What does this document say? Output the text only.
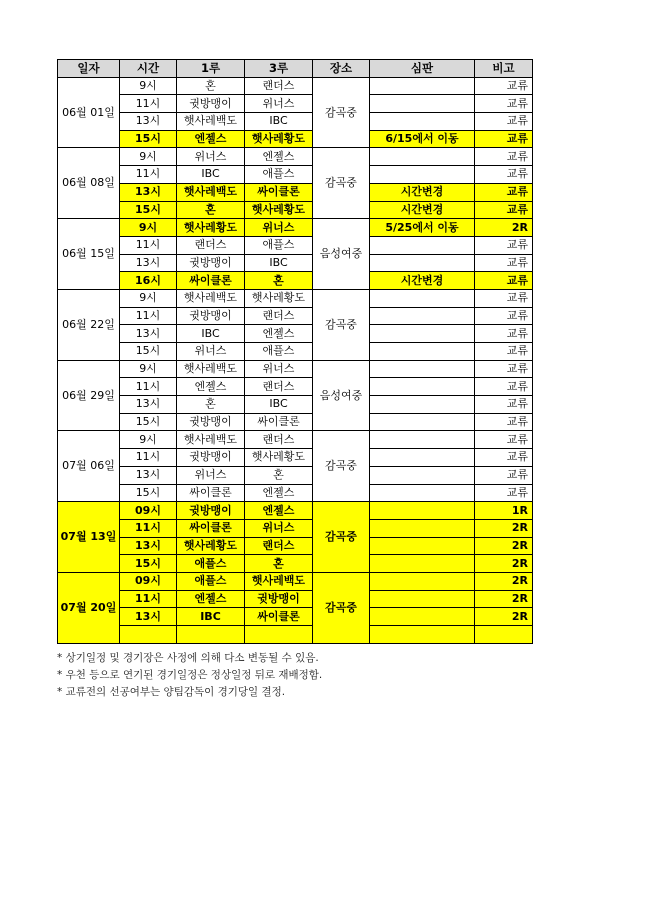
일자	시간	1루	3루	장소	심판	비고
06월 01일	9시	혼	랜더스	감곡중		교류
	11시	귓방맹이	위너스			교류
	13시	햇사레백도	IBC			교류
	15시	엔젤스	햇사레황도		6/15에서 이동	교류
06월 08일	9시	위너스	엔젤스	감곡중		교류
	11시	IBC	애플스			교류
	13시	햇사레백도	싸이클론		시간변경	교류
	15시	혼	햇사레황도		시간변경	교류
06월 15일	9시	햇사레황도	위너스	음성여중	5/25에서 이동	2R
	11시	랜더스	애플스			교류
	13시	귓방맹이	IBC			교류
	16시	싸이클론	혼		시간변경	교류
06월 22일	9시	햇사레백도	햇사레황도	감곡중		교류
	11시	귓방맹이	랜더스			교류
	13시	IBC	엔젤스			교류
	15시	위너스	애플스			교류
06월 29일	9시	햇사레백도	위너스	음성여중		교류
	11시	엔젤스	랜더스			교류
	13시	혼	IBC			교류
	15시	귓방맹이	싸이클론			교류
07월 06일	9시	햇사레백도	랜더스	감곡중		교류
	11시	귓방맹이	햇사레황도			교류
	13시	위너스	혼			교류
	15시	싸이클론	엔젤스			교류
07월 13일	09시	귓방맹이	엔젤스	감곡중		1R
	11시	싸이클론	위너스			2R
	13시	햇사레황도	랜더스			2R
	15시	애플스	혼			2R
07월 20일	09시	애플스	햇사레백도	감곡중		2R
	11시	엔젤스	귓방맹이			2R
	13시	IBC	싸이클론			2R

* 상기일정 및 경기장은 사정에 의해 다소 변동될 수 있음.
* 우천 등으로 연기된 경기일정은 정상일정 뒤로 재배정함.
* 교류전의 선공여부는 양팀감독이 경기당일 결정.
